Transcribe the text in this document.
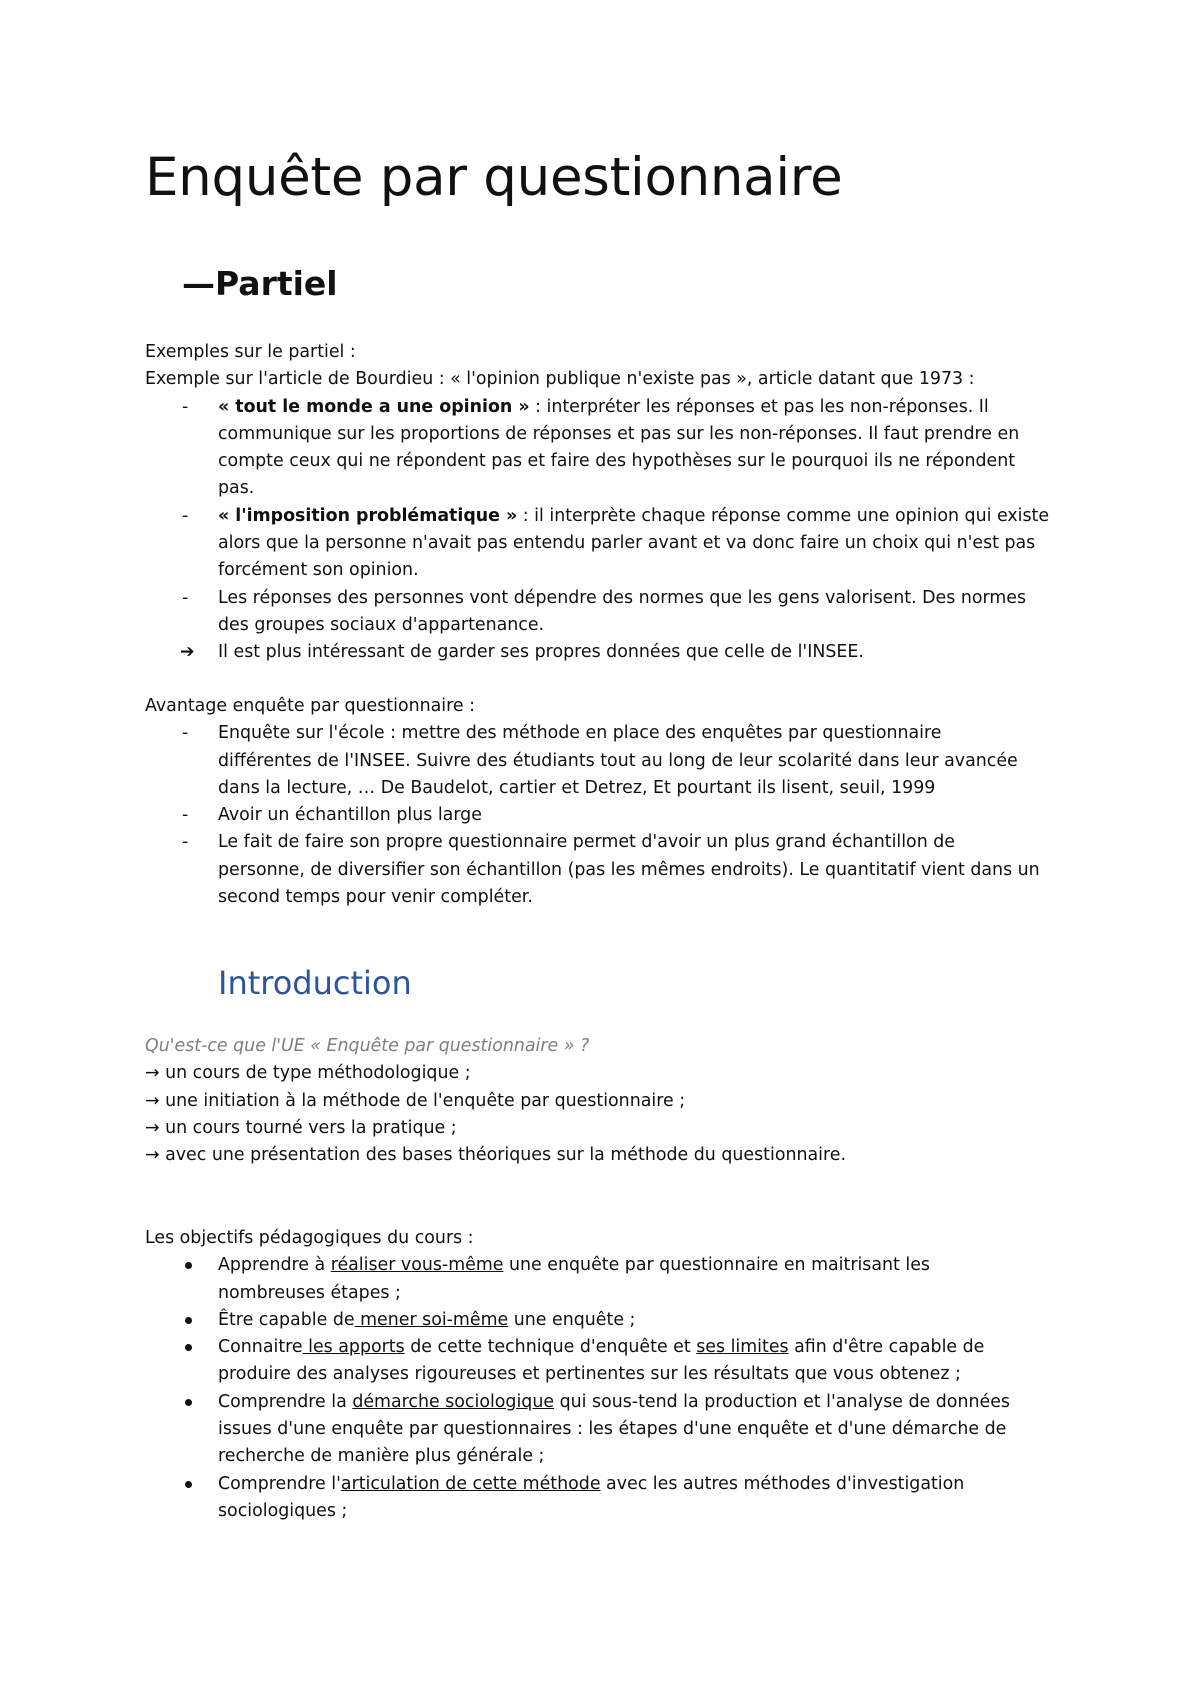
Enquête par questionnaire
—Partiel

Exemples sur le partiel :

Exemple sur l'article de Bourdieu : « l'opinion publique n'existe pas », article datant que 1973 :

-	« tout le monde a une opinion » : interpréter les réponses et pas les non-réponses. Il

communique sur les proportions de réponses et pas sur les non-réponses. Il faut prendre en

compte ceux qui ne répondent pas et faire des hypothèses sur le pourquoi ils ne répondent

pas.

-	« l'imposition problématique » : il interprète chaque réponse comme une opinion qui existe

alors que la personne n'avait pas entendu parler avant et va donc faire un choix qui n'est pas

forcément son opinion.

-	Les réponses des personnes vont dépendre des normes que les gens valorisent. Des normes

des groupes sociaux d'appartenance.

➔ Il est plus intéressant de garder ses propres données que celle de l'INSEE.

Avantage enquête par questionnaire :

-	Enquête sur l'école : mettre des méthode en place des enquêtes par questionnaire

différentes de l'INSEE. Suivre des étudiants tout au long de leur scolarité dans leur avancée

dans la lecture, … De Baudelot, cartier et Detrez, Et pourtant ils lisent, seuil, 1999

-	Avoir un échantillon plus large

-	Le fait de faire son propre questionnaire permet d'avoir un plus grand échantillon de

personne, de diversifier son échantillon (pas les mêmes endroits). Le quantitatif vient dans un

second temps pour venir compléter.

Introduction

Qu'est-ce que l'UE « Enquête par questionnaire » ?

→ un cours de type méthodologique ;

→ une initiation à la méthode de l'enquête par questionnaire ;

→ un cours tourné vers la pratique ;

→ avec une présentation des bases théoriques sur la méthode du questionnaire.

Les objectifs pédagogiques du cours :

Apprendre à réaliser vous-même une enquête par questionnaire en maitrisant les

nombreuses étapes ;

Être capable de mener soi-même une enquête ;

Connaitre les apports de cette technique d'enquête et ses limites afin d'être capable de

produire des analyses rigoureuses et pertinentes sur les résultats que vous obtenez ;

Comprendre la démarche sociologique qui sous-tend la production et l'analyse de données

issues d'une enquête par questionnaires : les étapes d'une enquête et d'une démarche de

recherche de manière plus générale ;

Comprendre l'articulation de cette méthode avec les autres méthodes d'investigation

sociologiques ;
